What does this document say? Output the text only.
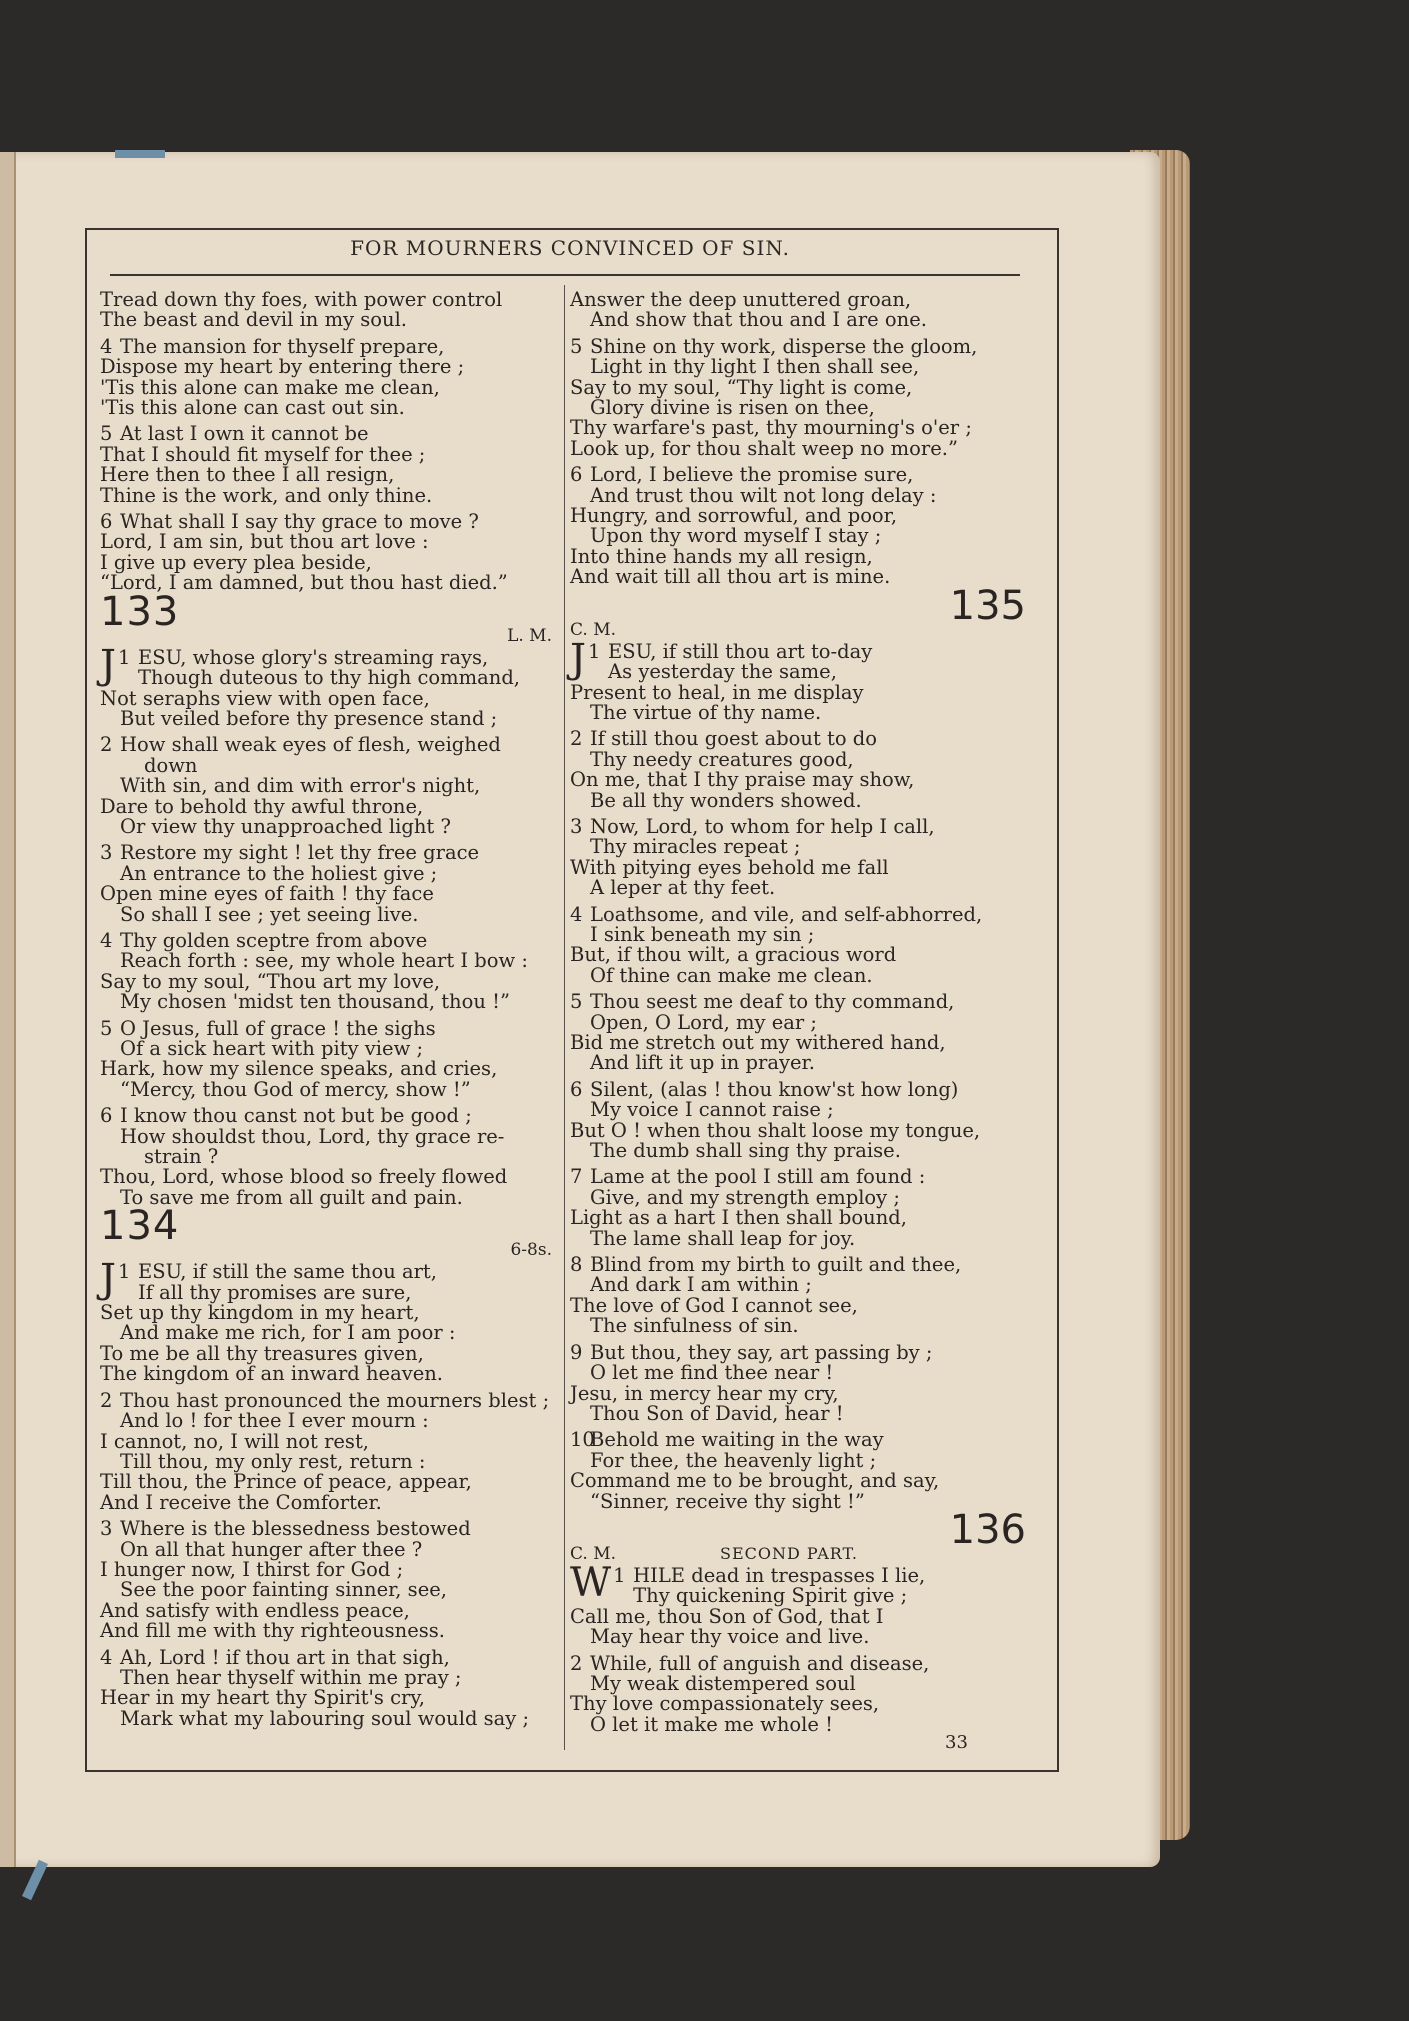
FOR MOURNERS CONVINCED OF SIN.
Tread down thy foes, with power control
The beast and devil in my soul.
4 The mansion for thyself prepare,
Dispose my heart by entering there ;
'Tis this alone can make me clean,
'Tis this alone can cast out sin.
5 At last I own it cannot be
That I should fit myself for thee ;
Here then to thee I all resign,
Thine is the work, and only thine.
6 What shall I say thy grace to move ?
Lord, I am sin, but thou art love :
I give up every plea beside,
“Lord, I am damned, but thou hast died.”
133
L. M.
1
J ESU, whose glory's streaming rays,
Though duteous to thy high command,
Not seraphs view with open face,
But veiled before thy presence stand ;
2 How shall weak eyes of flesh, weighed
down
With sin, and dim with error's night,
Dare to behold thy awful throne,
Or view thy unapproached light ?
3 Restore my sight ! let thy free grace
An entrance to the holiest give ;
Open mine eyes of faith ! thy face
So shall I see ; yet seeing live.
4 Thy golden sceptre from above
Reach forth : see, my whole heart I bow :
Say to my soul, “Thou art my love,
My chosen 'midst ten thousand, thou !”
5 O Jesus, full of grace ! the sighs
Of a sick heart with pity view ;
Hark, how my silence speaks, and cries,
“Mercy, thou God of mercy, show !”
6 I know thou canst not but be good ;
How shouldst thou, Lord, thy grace re-
strain ?
Thou, Lord, whose blood so freely flowed
To save me from all guilt and pain.
134
6-8s.
1
J ESU, if still the same thou art,
If all thy promises are sure,
Set up thy kingdom in my heart,
And make me rich, for I am poor :
To me be all thy treasures given,
The kingdom of an inward heaven.
2 Thou hast pronounced the mourners blest ;
And lo ! for thee I ever mourn :
I cannot, no, I will not rest,
Till thou, my only rest, return :
Till thou, the Prince of peace, appear,
And I receive the Comforter.
3 Where is the blessedness bestowed
On all that hunger after thee ?
I hunger now, I thirst for God ;
See the poor fainting sinner, see,
And satisfy with endless peace,
And fill me with thy righteousness.
4 Ah, Lord ! if thou art in that sigh,
Then hear thyself within me pray ;
Hear in my heart thy Spirit's cry,
Mark what my labouring soul would say ;
Answer the deep unuttered groan,
And show that thou and I are one.
5 Shine on thy work, disperse the gloom,
Light in thy light I then shall see,
Say to my soul, “Thy light is come,
Glory divine is risen on thee,
Thy warfare's past, thy mourning's o'er ;
Look up, for thou shalt weep no more.”
6 Lord, I believe the promise sure,
And trust thou wilt not long delay :
Hungry, and sorrowful, and poor,
Upon thy word myself I stay ;
Into thine hands my all resign,
And wait till all thou art is mine.
C. M.
135
1
J ESU, if still thou art to-day
As yesterday the same,
Present to heal, in me display
The virtue of thy name.
2 If still thou goest about to do
Thy needy creatures good,
On me, that I thy praise may show,
Be all thy wonders showed.
3 Now, Lord, to whom for help I call,
Thy miracles repeat ;
With pitying eyes behold me fall
A leper at thy feet.
4 Loathsome, and vile, and self-abhorred,
I sink beneath my sin ;
But, if thou wilt, a gracious word
Of thine can make me clean.
5 Thou seest me deaf to thy command,
Open, O Lord, my ear ;
Bid me stretch out my withered hand,
And lift it up in prayer.
6 Silent, (alas ! thou know'st how long)
My voice I cannot raise ;
But O ! when thou shalt loose my tongue,
The dumb shall sing thy praise.
7 Lame at the pool I still am found :
Give, and my strength employ ;
Light as a hart I then shall bound,
The lame shall leap for joy.
8 Blind from my birth to guilt and thee,
And dark I am within ;
The love of God I cannot see,
The sinfulness of sin.
9 But thou, they say, art passing by ;
O let me find thee near !
Jesu, in mercy hear my cry,
Thou Son of David, hear !
10Behold me waiting in the way
For thee, the heavenly light ;
Command me to be brought, and say,
“Sinner, receive thy sight !”
C. M.	SECOND PART.
136
1
W HILE dead in trespasses I lie,
Thy quickening Spirit give ;
Call me, thou Son of God, that I
May hear thy voice and live.
2 While, full of anguish and disease,
My weak distempered soul
Thy love compassionately sees,
O let it make me whole !
33
